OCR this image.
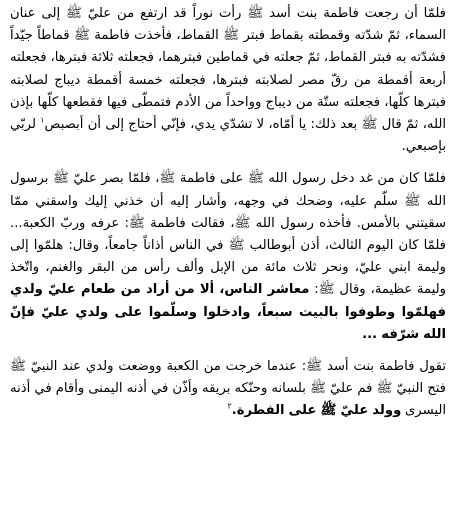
فلمّا أن رجعت فاطمة بنت أسد ﷺ رأت نوراً قد ارتفع من عليّ ﷺ إلى عنان السماء، ثمّ شدّته وقمطته بقماط فبتر ﷺ القماط، فأخذت فاطمة ﷺ قماطاً جيّداً فشدّته به فبتر القماط، ثمّ جعلته في قماطين فبترهما، فجعلته ثلاثة فبترها، فجعلته أربعة أقمطة من رقّ مصر لصلابته فبترها، فجعلته خمسة أقمطة ديباج لصلابته فبترها كلّها، فجعلته ستّة من ديباج وواحداً من الأدم فتمطّى فيها فقطعها كلّها بإذن الله، ثمّ قال ﷺ بعد ذلك: يا أمّاه، لا تشدّي يدي، فإنّي أحتاج إلى أن أبصبص$^١$ لربّي بإصبعي.

فلمّا كان من غد دخل رسول الله ﷺ على فاطمة ﷺ، فلمّا بصر عليّ ﷺ برسول الله ﷺ سلّم عليه، وضحك في وجهه، وأشار إليه أن خذني إليك واسقني ممّا سقيتني بالأمس. فأخذه رسول الله ﷺ، فقالت فاطمة ﷺ: عرفه وربّ الكعبة... فلمّا كان اليوم الثالث، أذن أبوطالب ﷺ في الناس أذاناً جامعاً، وقال: هلمّوا إلى وليمة ابني عليّ، ونحر ثلاث مائة من الإبل وألف رأس من البقر والغنم، واتّخذ وليمة عظيمة، وقال ﷺ: معاشر الناس، ألا من أراد من طعام عليّ ولدي فهلمّوا وطوفوا بالبيت سبعاً، وادخلوا وسلّموا على ولدي عليّ فإنّ الله شرّفه ...

تقول فاطمة بنت أسد ﷺ: عندما خرجت من الكعبة ووضعت ولدي عند النبيّ ﷺ فتح النبيّ ﷺ فم عليّ ﷺ بلسانه وحنّكه بريقه وأذّن في أذنه اليمنى وأقام في أذنه اليسرى وولد عليّ ﷺ على الفطرة.$^٢$
